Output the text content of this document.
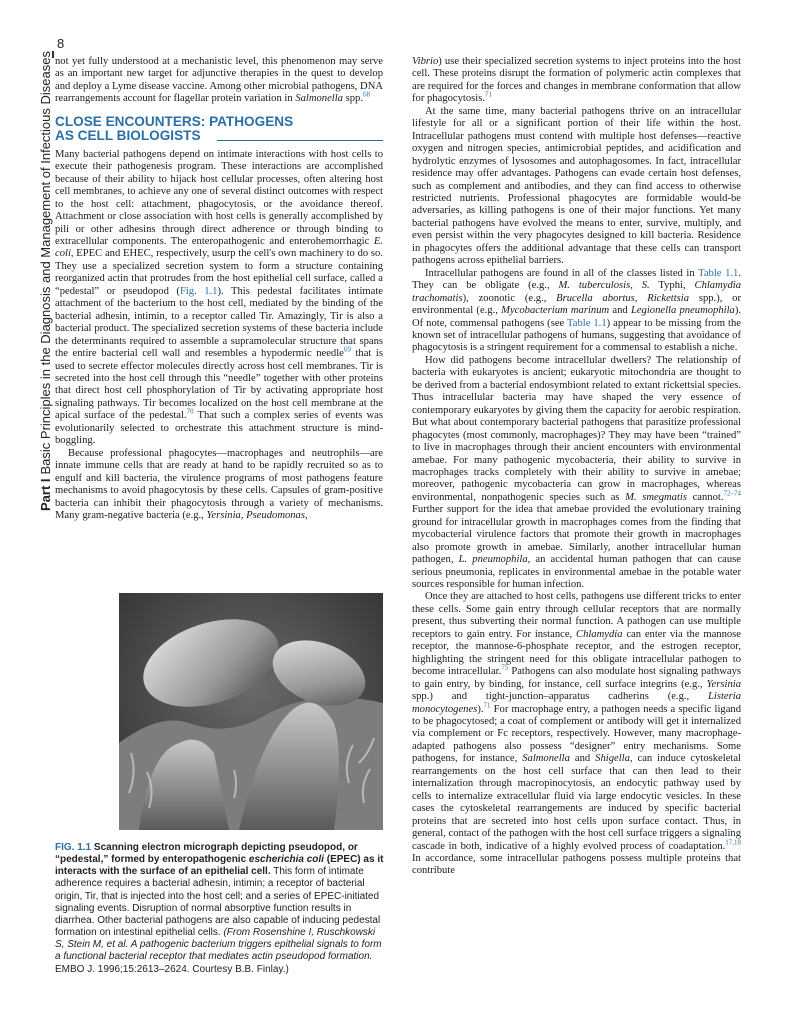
8
Part IBasic Principles in the Diagnosis and Management of Infectious Diseases not yet fully understood at a mechanistic level, this phenomenon may serve as an important new target for adjunctive therapies in the quest to develop and deploy a Lyme disease vaccine. Among other microbial pathogens, DNA rearrangements account for flagellar protein variation in Salmonella spp.$^{68}$

CLOSE ENCOUNTERS: PATHOGENS
AS CELL BIOLOGISTS

Many bacterial pathogens depend on intimate interactions with host cells to execute their pathogenesis program. These interactions are accomplished because of their ability to hijack host cellular processes, often altering host cell membranes, to achieve any one of several distinct outcomes with respect to the host cell: attachment, phagocytosis, or the avoidance thereof. Attachment or close association with host cells is generally accomplished by pili or other adhesins through direct adherence or through binding to extracellular components. The enteropathogenic and enterohemorrhagic E. coli, EPEC and EHEC, respectively, usurp the cell's own machinery to do so. They use a specialized secretion system to form a structure containing reorganized actin that protrudes from the host epithelial cell surface, called a “pedestal” or pseudopod (Fig. 1.1). This pedestal facilitates intimate attachment of the bacterium to the host cell, mediated by the binding of the bacterial adhesin, intimin, to a receptor called Tir. Amazingly, Tir is also a bacterial product. The specialized secretion systems of these bacteria include the determinants required to assemble a supramolecular structure that spans the entire bacterial cell wall and resembles a hypodermic needle$^{69}$ that is used to secrete effector molecules directly across host cell membranes. Tir is secreted into the host cell through this “needle” together with other proteins that direct host cell phosphorylation of Tir by activating appropriate host signaling pathways. Tir becomes localized on the host cell membrane at the apical surface of the pedestal.$^{70}$ That such a complex series of events was evolutionarily selected to orchestrate this attachment structure is mind-boggling.

Because professional phagocytes—macrophages and neutrophils—are innate immune cells that are ready at hand to be rapidly recruited so as to engulf and kill bacteria, the virulence programs of most pathogens feature mechanisms to avoid phagocytosis by these cells. Capsules of gram-positive bacteria can inhibit their phagocytosis through a variety of mechanisms. Many gram-negative bacteria (e.g., Yersinia, Pseudomonas,

FIG. 1.1 Scanning electron micrograph depicting pseudopod, or “pedestal,” formed by enteropathogenic escherichia coli (EPEC) as it interacts with the surface of an epithelial cell. This form of intimate adherence requires a bacterial adhesin, intimin; a receptor of bacterial origin, Tir, that is injected into the host cell; and a series of EPEC-initiated signaling events. Disruption of normal absorptive function results in diarrhea. Other bacterial pathogens are also capable of inducing pedestal formation on intestinal epithelial cells. (From Rosenshine I, Ruschkowski S, Stein M, et al. A pathogenic bacterium triggers epithelial signals to form a functional bacterial receptor that mediates actin pseudopod formation. EMBO J. 1996;15:2613–2624. Courtesy B.B. Finlay.)

Vibrio) use their specialized secretion systems to inject proteins into the host cell. These proteins disrupt the formation of polymeric actin complexes that are required for the forces and changes in membrane conformation that allow for phagocytosis.$^{71}$

At the same time, many bacterial pathogens thrive on an intracellular lifestyle for all or a significant portion of their life within the host. Intracellular pathogens must contend with multiple host defenses—reactive oxygen and nitrogen species, antimicrobial peptides, and acidification and hydrolytic enzymes of lysosomes and autophagosomes. In fact, intracellular residence may offer advantages. Pathogens can evade certain host defenses, such as complement and antibodies, and they can find access to otherwise restricted nutrients. Professional phagocytes are formidable would-be adversaries, as killing pathogens is one of their major functions. Yet many bacterial pathogens have evolved the means to enter, survive, multiply, and even persist within the very phagocytes designed to kill bacteria. Residence in phagocytes offers the additional advantage that these cells can transport pathogens across epithelial barriers.

Intracellular pathogens are found in all of the classes listed in Table 1.1. They can be obligate (e.g., M. tuberculosis, S. Typhi, Chlamydia trachomatis), zoonotic (e.g., Brucella abortus, Rickettsia spp.), or environmental (e.g., Mycobacterium marinum and Legionella pneumophila). Of note, commensal pathogens (see Table 1.1) appear to be missing from the known set of intracellular pathogens of humans, suggesting that avoidance of phagocytosis is a stringent requirement for a commensal to establish a niche.

How did pathogens become intracellular dwellers? The relationship of bacteria with eukaryotes is ancient; eukaryotic mitochondria are thought to be derived from a bacterial endosymbiont related to extant rickettsial species. Thus intracellular bacteria may have shaped the very essence of contemporary eukaryotes by giving them the capacity for aerobic respiration. But what about contemporary bacterial pathogens that parasitize professional phagocytes (most commonly, macrophages)? They may have been “trained” to live in macrophages through their ancient encounters with environmental amebae. For many pathogenic mycobacteria, their ability to survive in macrophages tracks completely with their ability to survive in amebae; moreover, pathogenic mycobacteria can grow in macrophages, whereas environmental, nonpathogenic species such as M. smegmatis cannot.$^{72-74}$ Further support for the idea that amebae provided the evolutionary training ground for intracellular growth in macrophages comes from the finding that mycobacterial virulence factors that promote their growth in macrophages also promote growth in amebae. Similarly, another intracellular human pathogen, L. pneumophila, an accidental human pathogen that can cause serious pneumonia, replicates in environmental amebae in the potable water sources responsible for human infection.

Once they are attached to host cells, pathogens use different tricks to enter these cells. Some gain entry through cellular receptors that are normally present, thus subverting their normal function. A pathogen can use multiple receptors to gain entry. For instance, Chlamydia can enter via the mannose receptor, the mannose-6-phosphate receptor, and the estrogen receptor, highlighting the stringent need for this obligate intracellular pathogen to become intracellular.$^{75}$ Pathogens can also modulate host signaling pathways to gain entry, by binding, for instance, cell surface integrins (e.g., Yersinia spp.) and tight-junction–apparatus cadherins (e.g., Listeria monocytogenes).$^{71}$ For macrophage entry, a pathogen needs a specific ligand to be phagocytosed; a coat of complement or antibody will get it internalized via complement or Fc receptors, respectively. However, many macrophage-adapted pathogens also possess “designer” entry mechanisms. Some pathogens, for instance, Salmonella and Shigella, can induce cytoskeletal rearrangements on the host cell surface that can then lead to their internalization through macropinocytosis, an endocytic pathway used by cells to internalize extracellular fluid via large endocytic vesicles. In these cases the cytoskeletal rearrangements are induced by specific bacterial proteins that are secreted into host cells upon surface contact. Thus, in general, contact of the pathogen with the host cell surface triggers a signaling cascade in both, indicative of a highly evolved process of coadaptation.$^{17,18}$ In accordance, some intracellular pathogens possess multiple proteins that contribute
